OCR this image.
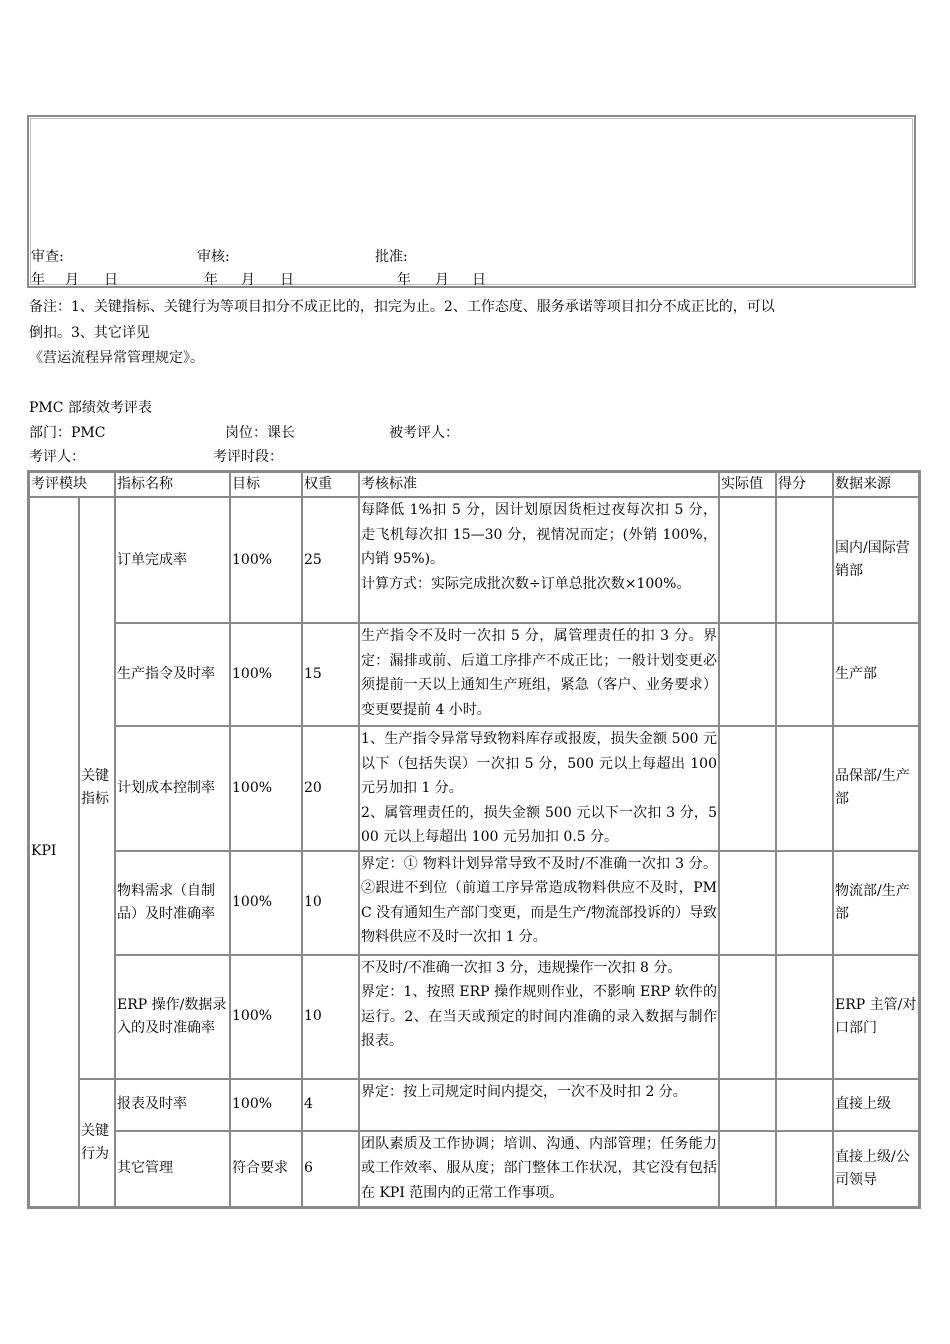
审查:	审核:	批准:
年 月 日	年 月 日	年 月 日
备注：1、关键指标、关键行为等项目扣分不成正比的，扣完为止。2、工作态度、服务承诺等项目扣分不成正比的，可以
倒扣。3、其它详见
《营运流程异常管理规定》。
PMC 部绩效考评表
部门：PMC	岗位：课长	被考评人：
考评人：	考评时段：
考评模块		指标名称	目标	权重	考核标准	实际值	得分	数据来源
KPI	关键指标	订单完成率	100%	25	每降低 1%扣 5 分，因计划原因货柜过夜每次扣 5 分，走飞机每次扣 15—30 分，视情况而定；(外销 100%，内销 95%)。
计算方式：实际完成批次数÷订单总批次数×100%。			国内/国际营销部
		生产指令及时率	100%	15	生产指令不及时一次扣 5 分，属管理责任的扣 3 分。界定：漏排或前、后道工序排产不成正比；一般计划变更必须提前一天以上通知生产班组，紧急（客户、业务要求）变更要提前 4 小时。			生产部
		计划成本控制率	100%	20	1、生产指令异常导致物料库存或报废，损失金额 500 元以下（包括失误）一次扣 5 分，500 元以上每超出 100 元另加扣 1 分。
2、属管理责任的，损失金额 500 元以下一次扣 3 分，500 元以上每超出 100 元另加扣 0.5 分。			品保部/生产部
		物料需求（自制品）及时准确率	100%	10	界定：① 物料计划异常导致不及时/不准确一次扣 3 分。②跟进不到位（前道工序异常造成物料供应不及时，PMC 没有通知生产部门变更，而是生产/物流部投诉的）导致物料供应不及时一次扣 1 分。			物流部/生产部
		ERP 操作/数据录入的及时准确率	100%	10	不及时/不准确一次扣 3 分，违规操作一次扣 8 分。
界定：1、按照 ERP 操作规则作业，不影响 ERP 软件的运行。2、在当天或预定的时间内准确的录入数据与制作报表。			ERP 主管/对口部门
	关键行为	报表及时率	100%	4	界定：按上司规定时间内提交，一次不及时扣 2 分。			直接上级
		其它管理	符合要求	6	团队素质及工作协调；培训、沟通、内部管理；任务能力或工作效率、服从度；部门整体工作状况，其它没有包括在 KPI 范围内的正常工作事项。			直接上级/公司领导
